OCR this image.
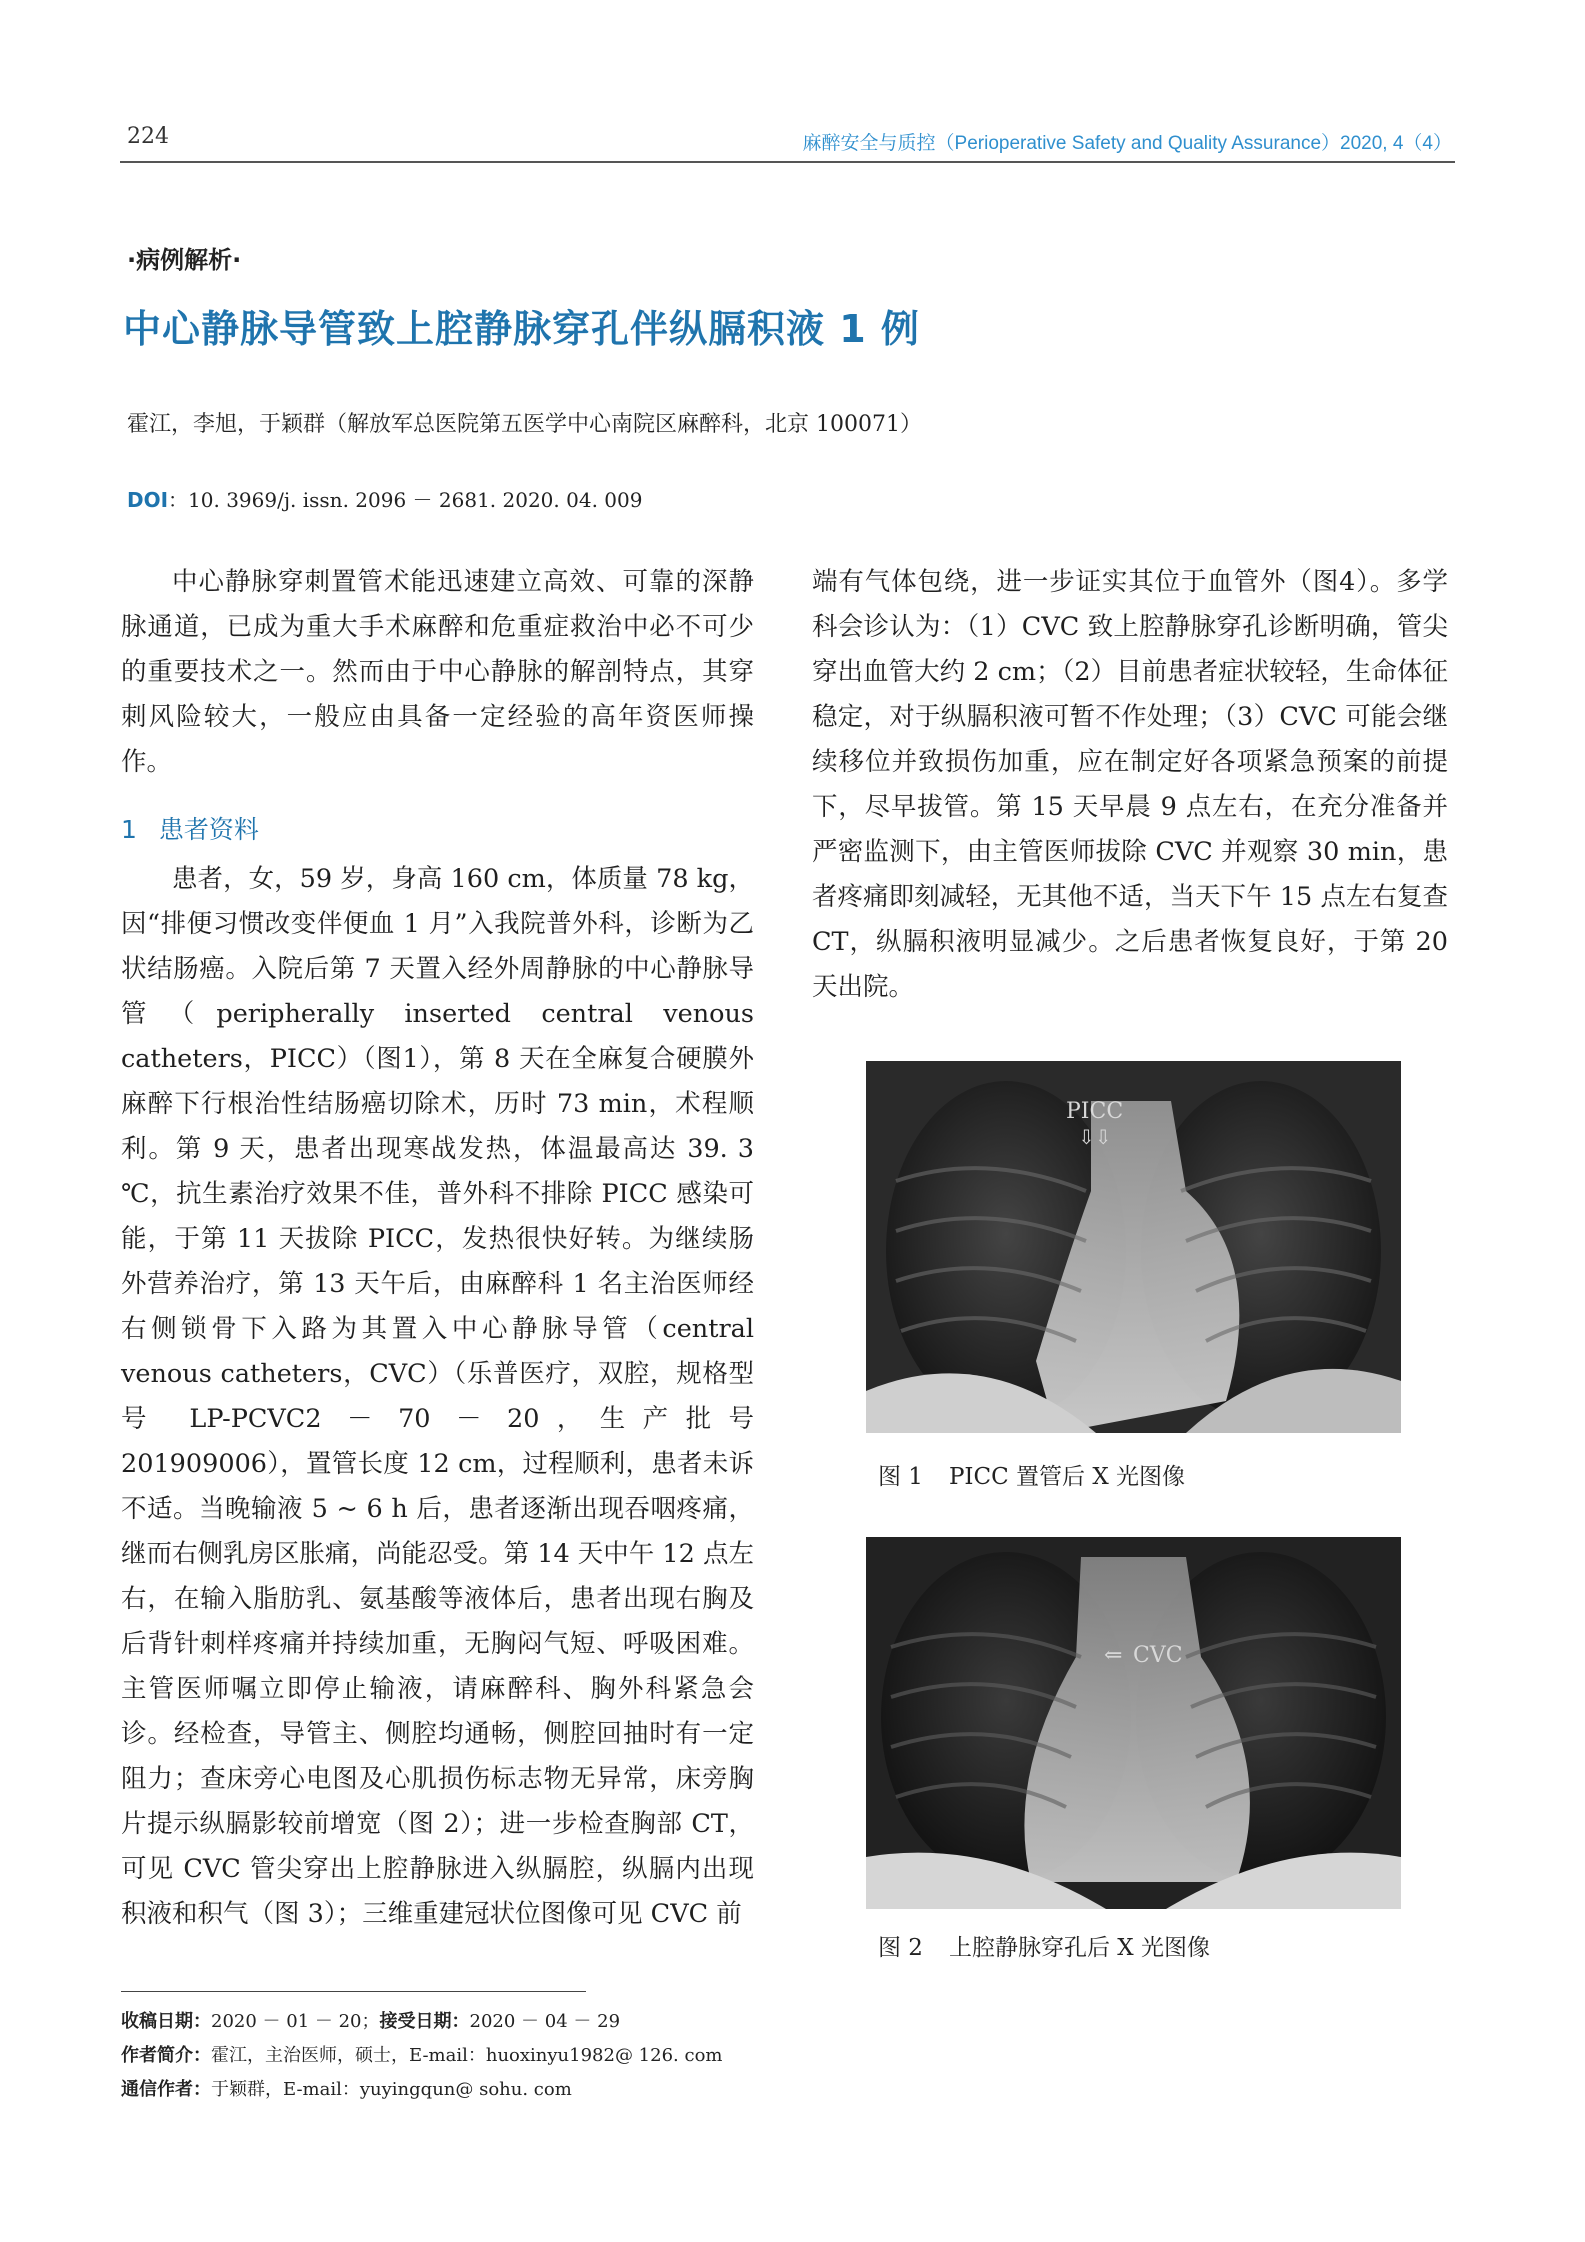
224	麻醉安全与质控（Perioperative Safety and Quality Assurance）2020, 4（4）
·病例解析·
中心静脉导管致上腔静脉穿孔伴纵膈积液 1 例
霍江，李旭，于颖群（解放军总医院第五医学中心南院区麻醉科，北京 100071）
DOI：10. 3969/j. issn. 2096 － 2681. 2020. 04. 009

中心静脉穿刺置管术能迅速建立高效、可靠的深静脉通道，已成为重大手术麻醉和危重症救治中必不可少的重要技术之一。然而由于中心静脉的解剖特点，其穿刺风险较大，一般应由具备一定经验的高年资医师操作。

1 患者资料

患者，女，59 岁，身高 160 cm，体质量 78 kg，因“排便习惯改变伴便血 1 月”入我院普外科，诊断为乙状结肠癌。入院后第 7 天置入经外周静脉的中心静脉导管（peripherally inserted central venous catheters，PICC）（图1），第 8 天在全麻复合硬膜外麻醉下行根治性结肠癌切除术，历时 73 min，术程顺利。第 9 天，患者出现寒战发热，体温最高达 39. 3 ℃，抗生素治疗效果不佳，普外科不排除 PICC 感染可能，于第 11 天拔除 PICC，发热很快好转。为继续肠外营养治疗，第 13 天午后，由麻醉科 1 名主治医师经右侧锁骨下入路为其置入中心静脉导管（central venous catheters，CVC）（乐普医疗，双腔，规格型号 LP-PCVC2 － 70 － 20，生产批号 201909006），置管长度 12 cm，过程顺利，患者未诉不适。当晚输液 5 ~ 6 h 后，患者逐渐出现吞咽疼痛，继而右侧乳房区胀痛，尚能忍受。第 14 天中午 12 点左右，在输入脂肪乳、氨基酸等液体后，患者出现右胸及后背针刺样疼痛并持续加重，无胸闷气短、呼吸困难。主管医师嘱立即停止输液，请麻醉科、胸外科紧急会诊。经检查，导管主、侧腔均通畅，侧腔回抽时有一定阻力；查床旁心电图及心肌损伤标志物无异常，床旁胸片提示纵膈影较前增宽（图 2）；进一步检查胸部 CT，可见 CVC 管尖穿出上腔静脉进入纵膈腔，纵膈内出现积液和积气（图 3）；三维重建冠状位图像可见 CVC 前

端有气体包绕，进一步证实其位于血管外（图4）。多学科会诊认为：（1）CVC 致上腔静脉穿孔诊断明确，管尖穿出血管大约 2 cm；（2）目前患者症状较轻，生命体征稳定，对于纵膈积液可暂不作处理；（3）CVC 可能会继续移位并致损伤加重，应在制定好各项紧急预案的前提下，尽早拔管。第 15 天早晨 9 点左右，在充分准备并严密监测下，由主管医师拔除 CVC 并观察 30 min，患者疼痛即刻减轻，无其他不适，当天下午 15 点左右复查 CT，纵膈积液明显减少。之后患者恢复良好，于第 20 天出院。

PICC
⇩⇩
图 1 PICC 置管后 X 光图像
⇐ CVC
图 2 上腔静脉穿孔后 X 光图像
收稿日期：2020 － 01 － 20；接受日期：2020 － 04 － 29
作者简介：霍江，主治医师，硕士，E-mail：huoxinyu1982@ 126. com
通信作者：于颖群，E-mail：yuyingqun@ sohu. com
